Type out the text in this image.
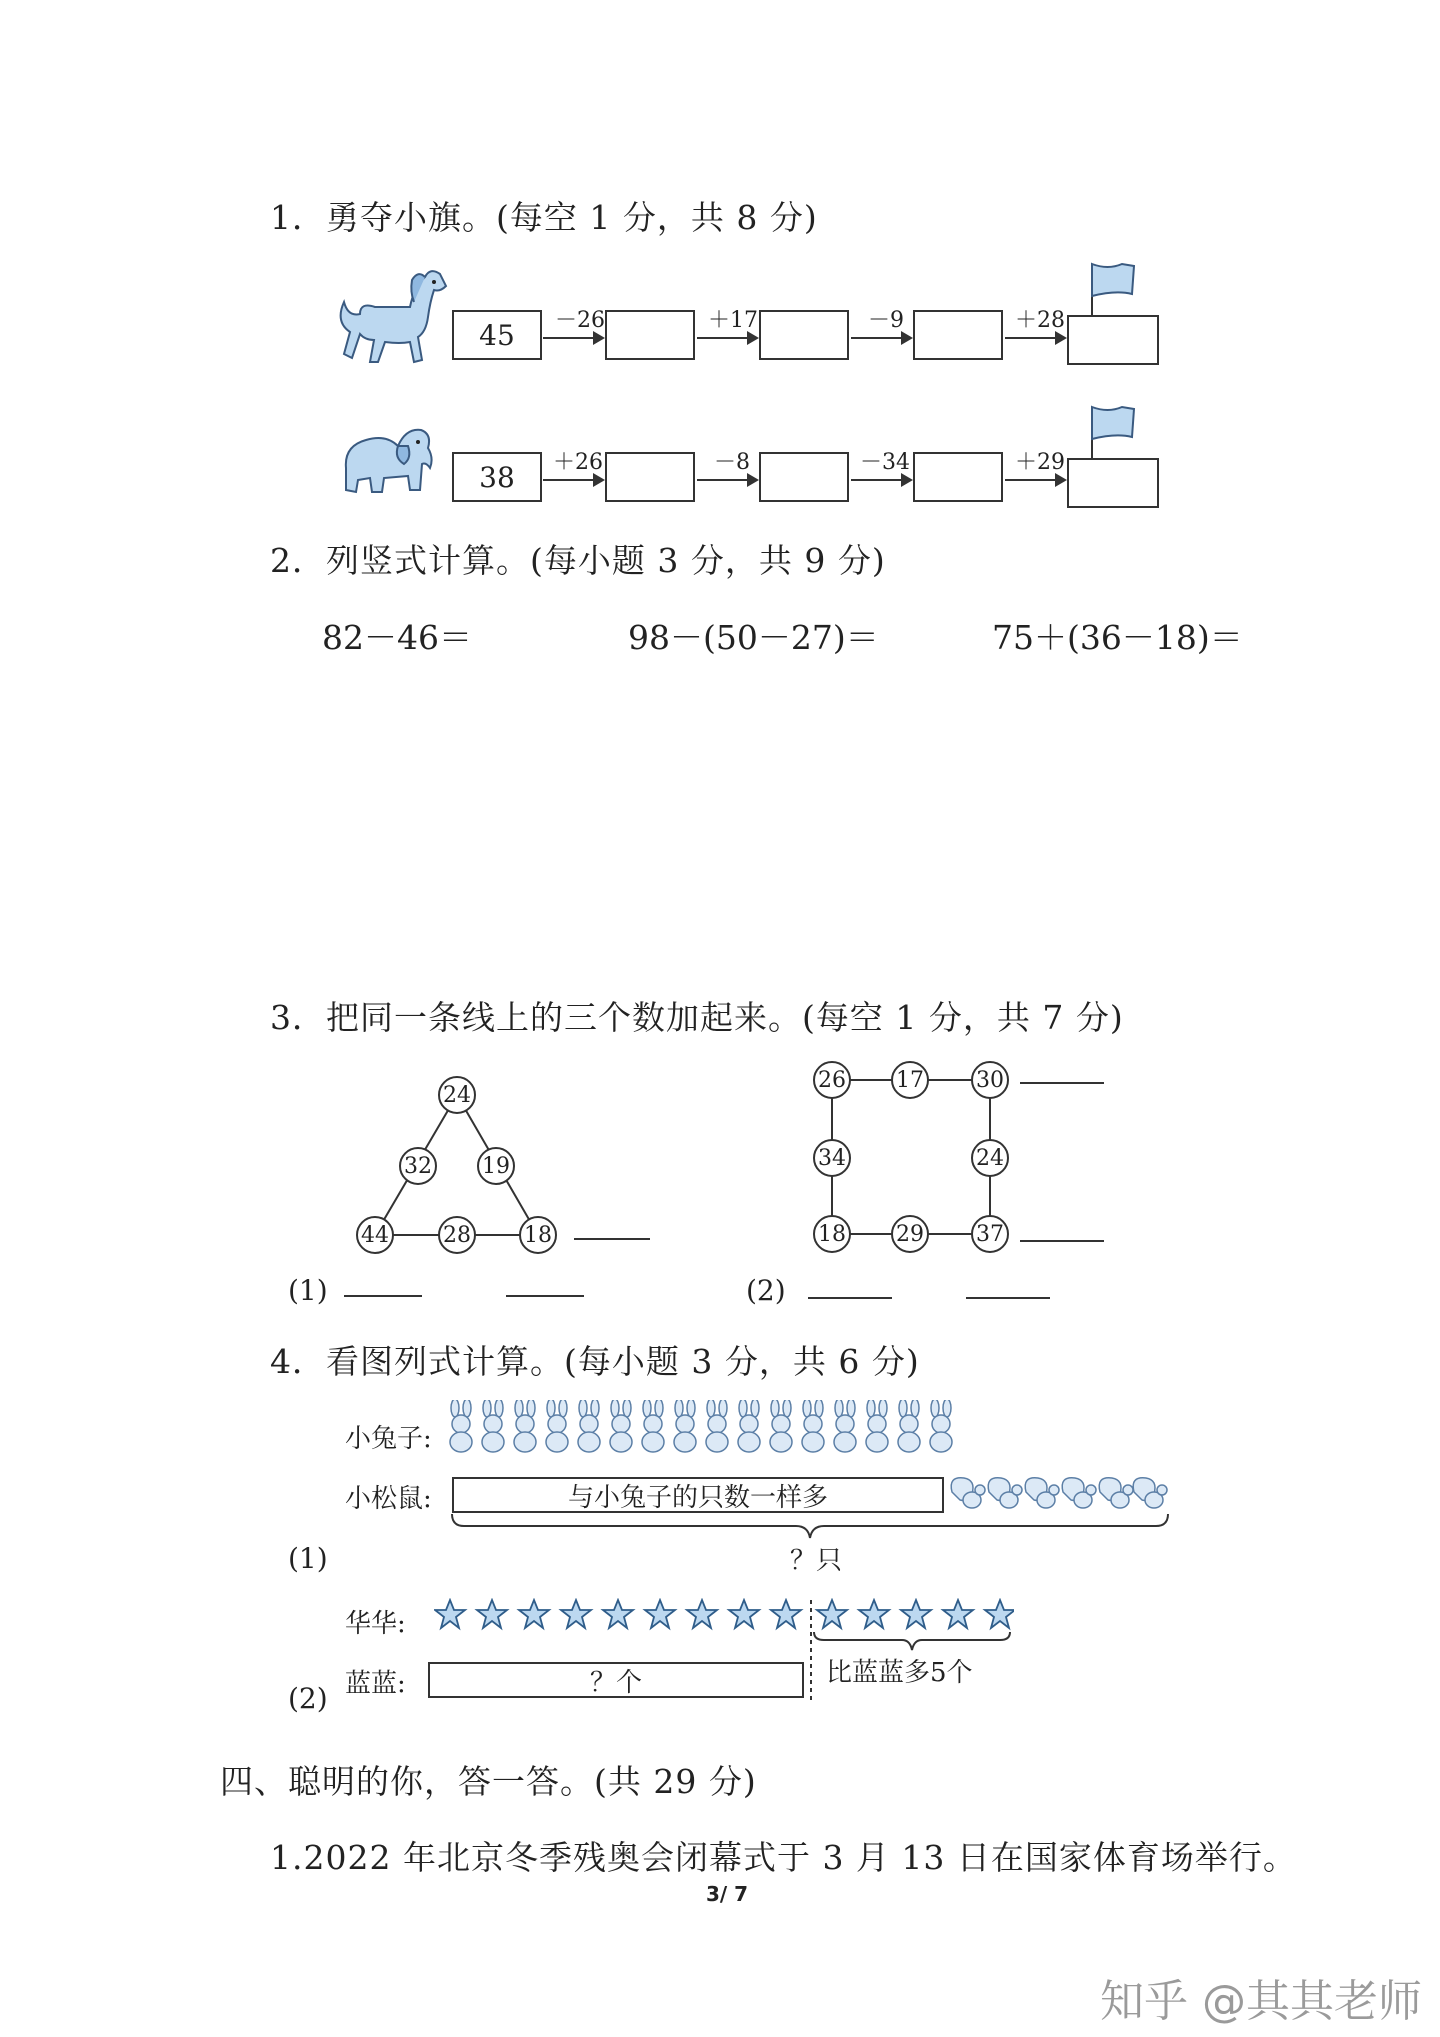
1．勇夺小旗。(每空 1 分，共 8 分)
45	－26	＋17	－9	＋28
38	＋26	－8	－34	＋29
2．列竖式计算。(每小题 3 分，共 9 分)
82－46＝	98－(50－27)＝	75＋(36－18)＝
3．把同一条线上的三个数加起来。(每空 1 分，共 7 分)
24
32 19
44 28 18
26 17 30
34	24
18 29 37
(1)	(2)
4．看图列式计算。(每小题 3 分，共 6 分)
小兔子:
小松鼠:	与小兔子的只数一样多
？只
(1)
华华:
比蓝蓝多5个
蓝蓝:	？个
(2)
四、聪明的你，答一答。(共 29 分)
1.2022 年北京冬季残奥会闭幕式于 3 月 13 日在国家体育场举行。
3/ 7
知乎 @其其老师
